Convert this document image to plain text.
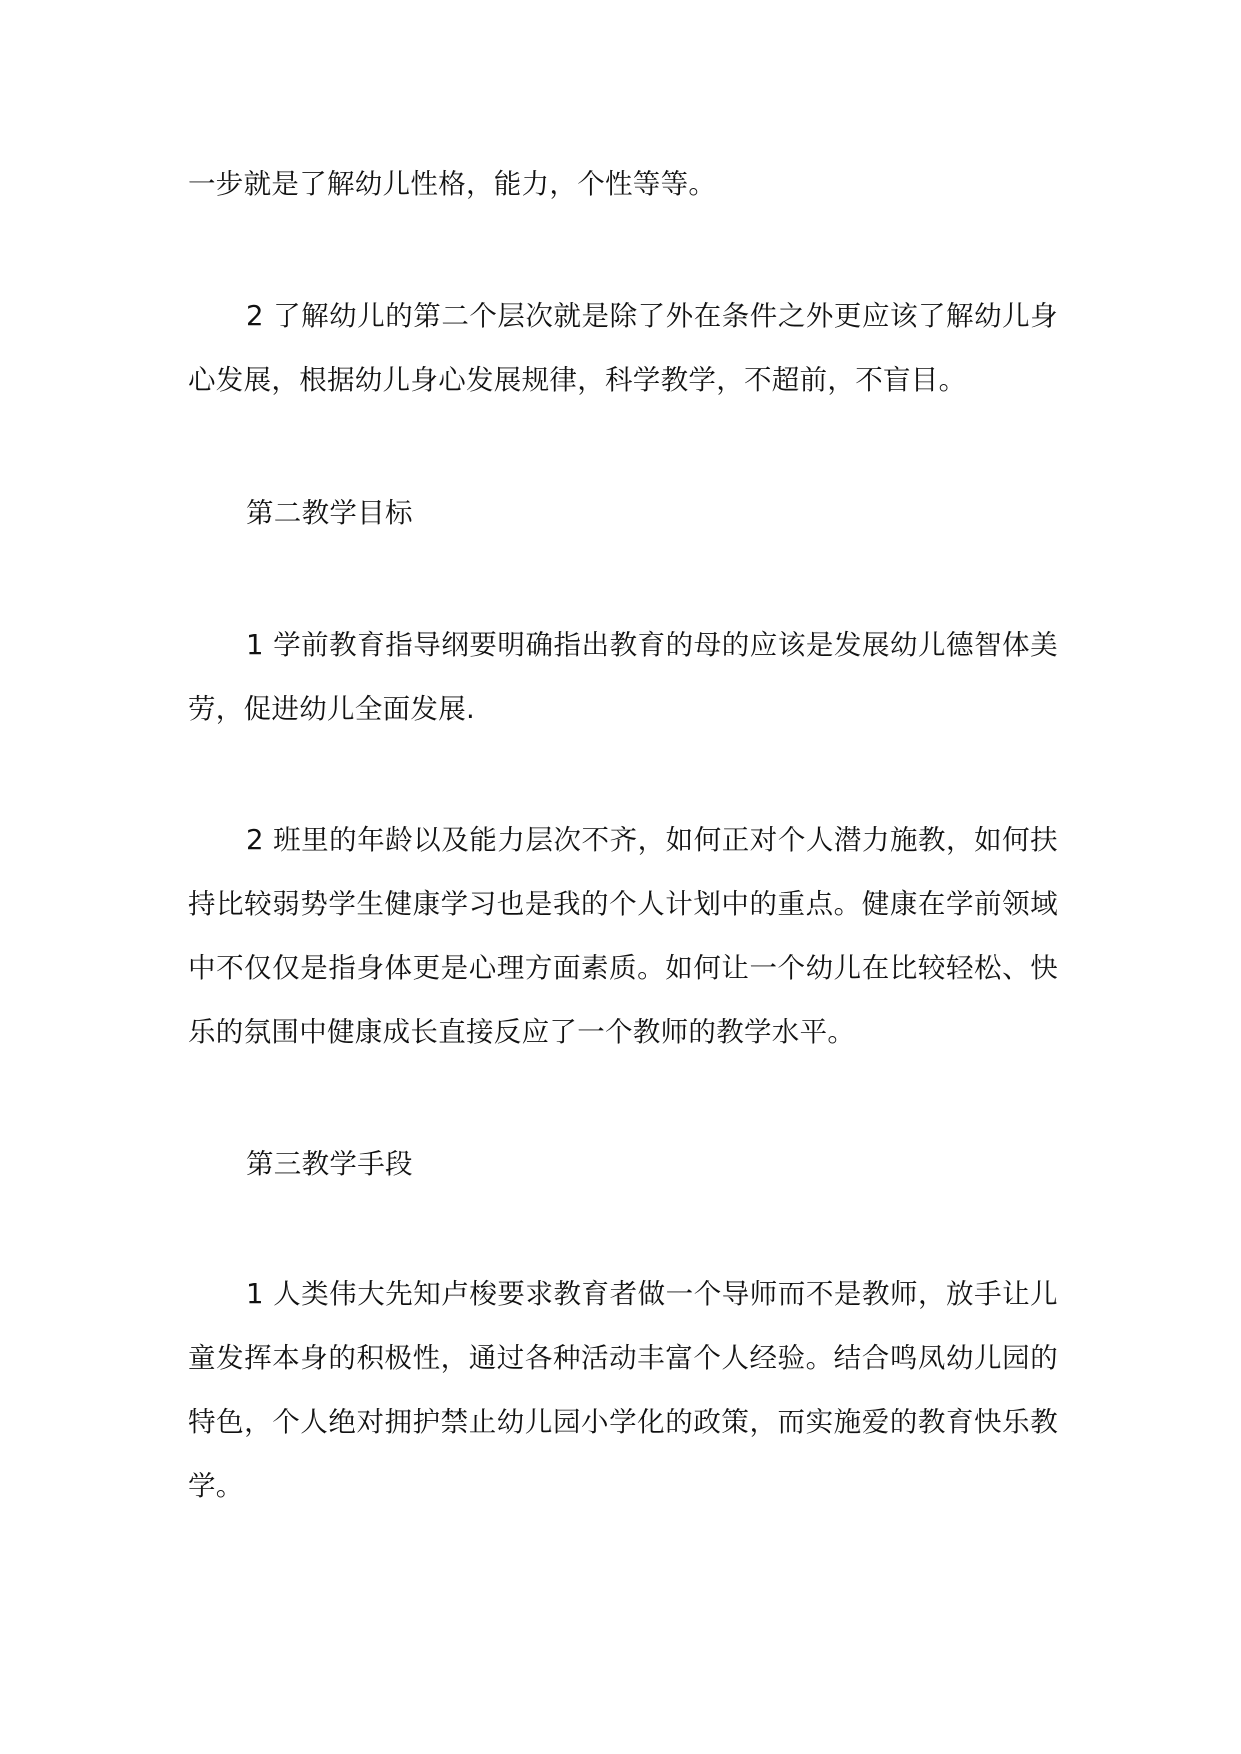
一步就是了解幼儿性格，能力，个性等等。

2 了解幼儿的第二个层次就是除了外在条件之外更应该了解幼儿身心发展，根据幼儿身心发展规律，科学教学，不超前，不盲目。

第二教学目标

1 学前教育指导纲要明确指出教育的母的应该是发展幼儿德智体美劳，促进幼儿全面发展.

2 班里的年龄以及能力层次不齐，如何正对个人潜力施教，如何扶持比较弱势学生健康学习也是我的个人计划中的重点。健康在学前领域中不仅仅是指身体更是心理方面素质。如何让一个幼儿在比较轻松、快乐的氛围中健康成长直接反应了一个教师的教学水平。

第三教学手段

1 人类伟大先知卢梭要求教育者做一个导师而不是教师，放手让儿童发挥本身的积极性，通过各种活动丰富个人经验。结合鸣凤幼儿园的特色，个人绝对拥护禁止幼儿园小学化的政策，而实施爱的教育快乐教学。
